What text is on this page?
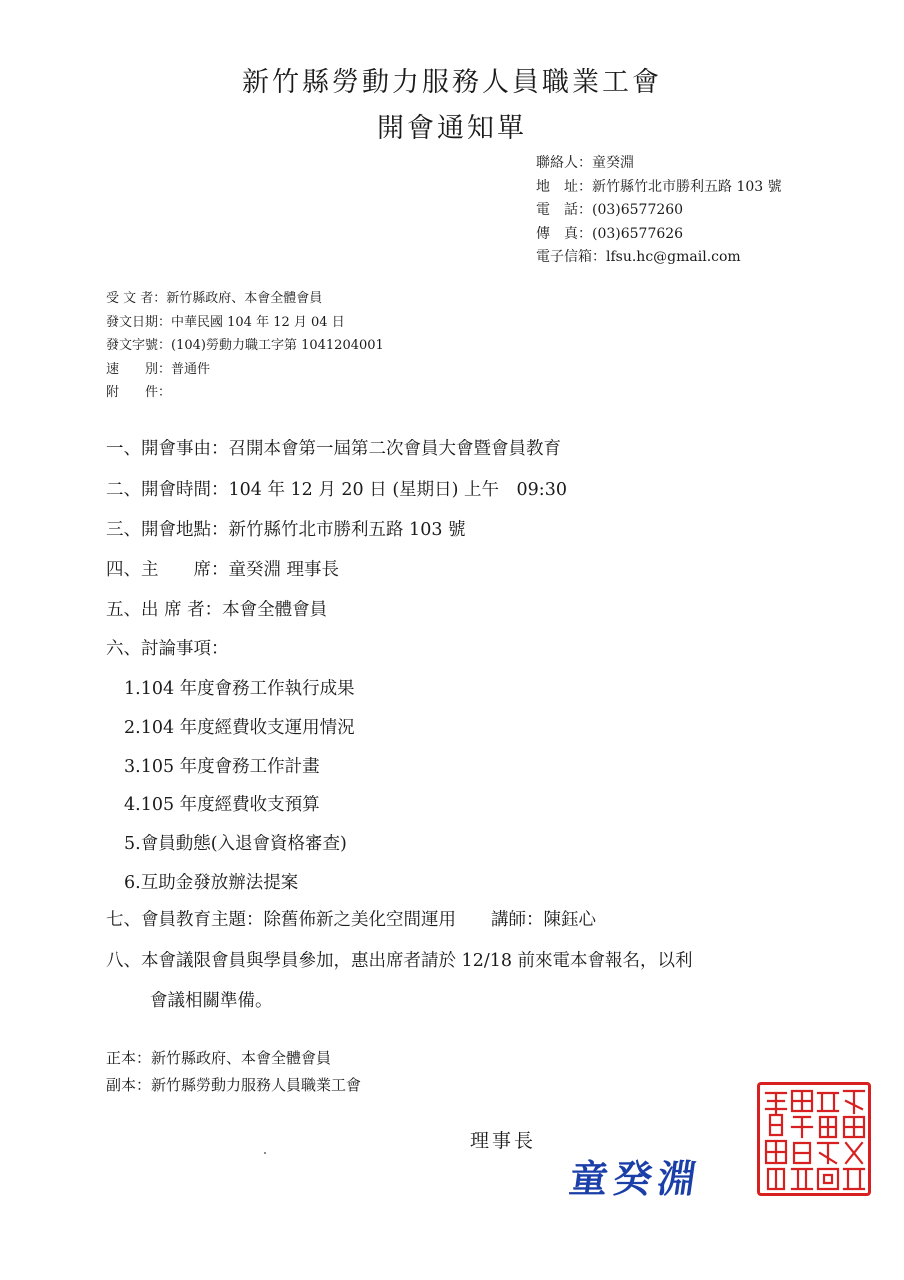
新竹縣勞動力服務人員職業工會
開會通知單
聯絡人：童癸淵
地　址：新竹縣竹北市勝利五路 103 號
電　話：(03)6577260
傳　真：(03)6577626
電子信箱：lfsu.hc@gmail.com
受 文 者：新竹縣政府、本會全體會員
發文日期：中華民國 104 年 12 月 04 日
發文字號：(104)勞動力職工字第 1041204001
速　　別：普通件
附　　件：
一、開會事由：召開本會第一屆第二次會員大會暨會員教育
二、開會時間：104 年 12 月 20 日 (星期日) 上午　09:30
三、開會地點：新竹縣竹北市勝利五路 103 號
四、主　　席：童癸淵 理事長
五、出 席 者：本會全體會員
六、討論事項：
七、會員教育主題：除舊佈新之美化空間運用　　講師：陳鈺心
八、本會議限會員與學員參加，惠出席者請於 12/18 前來電本會報名，以利
會議相關準備。
1.104 年度會務工作執行成果
2.104 年度經費收支運用情況
3.105 年度會務工作計畫
4.105 年度經費收支預算
5.會員動態(入退會資格審查)
6.互助金發放辦法提案
正本：新竹縣政府、本會全體會員
副本：新竹縣勞動力服務人員職業工會
理事長
童癸淵
